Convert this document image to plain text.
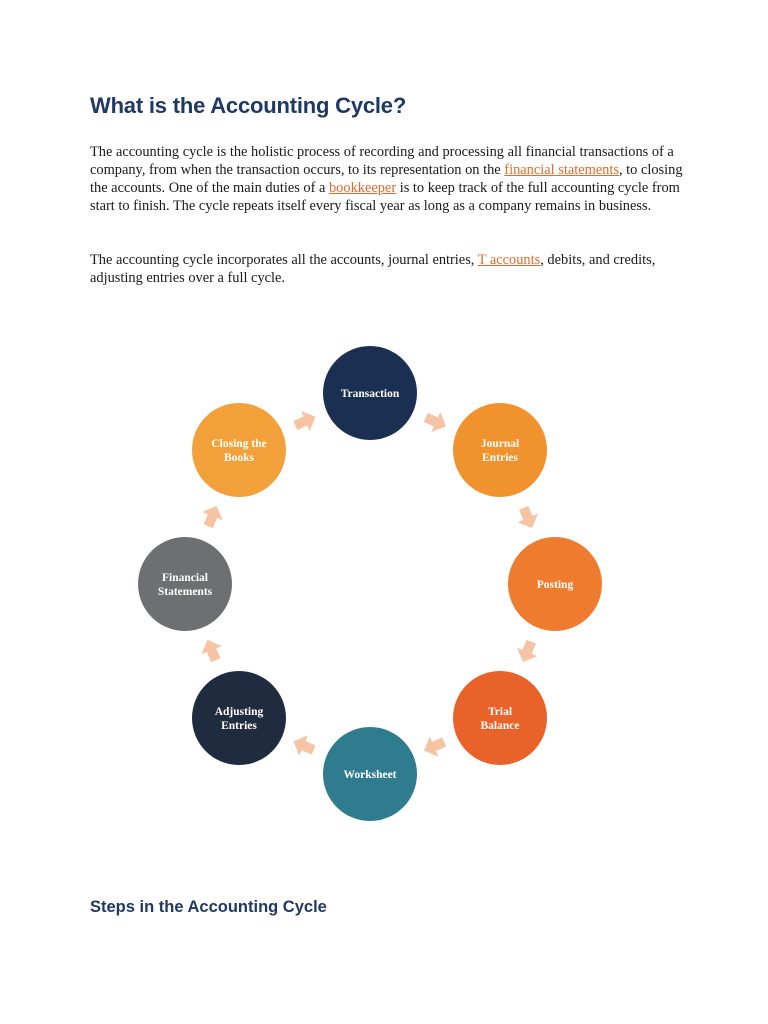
What is the Accounting Cycle?

The accounting cycle is the holistic process of recording and processing all financial transactions of a company, from when the transaction occurs, to its representation on the financial statements, to closing the accounts. One of the main duties of a bookkeeper is to keep track of the full accounting cycle from start to finish. The cycle repeats itself every fiscal year as long as a company remains in business.

The accounting cycle incorporates all the accounts, journal entries, T accounts, debits, and credits, adjusting entries over a full cycle.

Transaction
Journal
Entries
Posting
Trial
Balance
Worksheet
Adjusting
Entries
Financial
Statements
Closing the
Books
Steps in the Accounting Cycle
